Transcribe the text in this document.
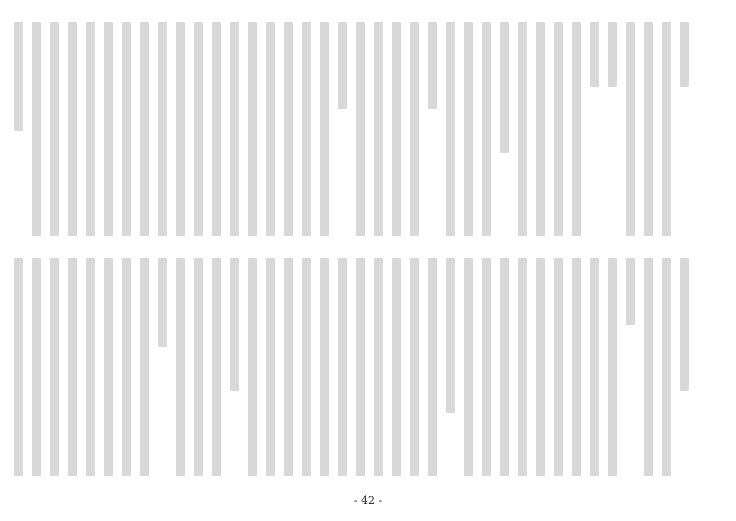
- 42 -
